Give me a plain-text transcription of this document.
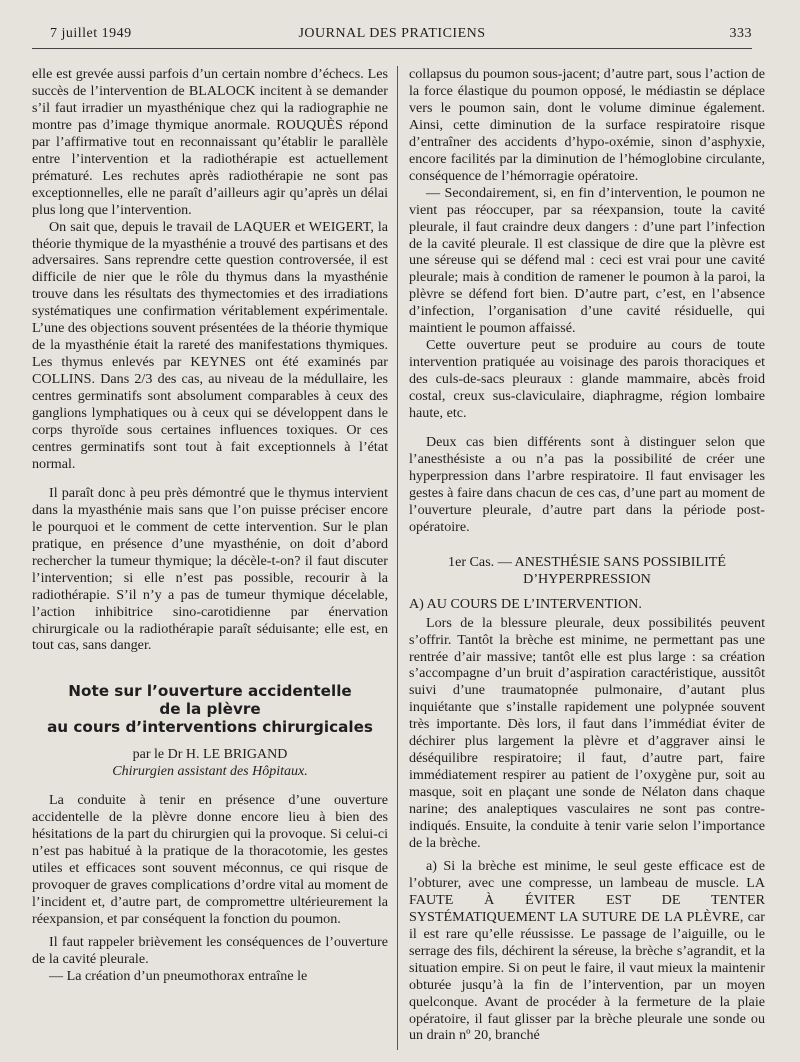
7 juillet 1949	JOURNAL DES PRATICIENS	333

elle est grevée aussi parfois d’un certain nombre d’échecs. Les succès de l’intervention de BLALOCK incitent à se demander s’il faut irradier un myasthénique chez qui la radiographie ne montre pas d’image thymique anormale. ROUQUÈS répond par l’affirmative tout en reconnaissant qu’établir le parallèle entre l’intervention et la radiothérapie est actuellement prématuré. Les rechutes après radiothérapie ne sont pas exceptionnelles, elle ne paraît d’ailleurs agir qu’après un délai plus long que l’intervention.

On sait que, depuis le travail de LAQUER et WEIGERT, la théorie thymique de la myasthénie a trouvé des partisans et des adversaires. Sans reprendre cette question controversée, il est difficile de nier que le rôle du thymus dans la myasthénie trouve dans les résultats des thymectomies et des irradiations systématiques une confirmation véritablement expérimentale. L’une des objections souvent présentées de la théorie thymique de la myasthénie était la rareté des manifestations thymiques. Les thymus enlevés par KEYNES ont été examinés par COLLINS. Dans 2/3 des cas, au niveau de la médullaire, les centres germinatifs sont absolument comparables à ceux des ganglions lymphatiques ou à ceux qui se développent dans le corps thyroïde sous certaines influences toxiques. Or ces centres germinatifs sont tout à fait exceptionnels à l’état normal.

Il paraît donc à peu près démontré que le thymus intervient dans la myasthénie mais sans que l’on puisse préciser encore le pourquoi et le comment de cette intervention. Sur le plan pratique, en présence d’une myasthénie, on doit d’abord rechercher la tumeur thymique; la décèle-t-on? il faut discuter l’intervention; si elle n’est pas possible, recourir à la radiothérapie. S’il n’y a pas de tumeur thymique décelable, l’action inhibitrice sino-carotidienne par énervation chirurgicale ou la radiothérapie paraît séduisante; elle est, en tout cas, sans danger.

Note sur l’ouverture accidentelle
de la plèvre
au cours d’interventions chirurgicales
par le Dr H. LE BRIGAND
Chirurgien assistant des Hôpitaux.

La conduite à tenir en présence d’une ouverture accidentelle de la plèvre donne encore lieu à bien des hésitations de la part du chirurgien qui la provoque. Si celui-ci n’est pas habitué à la pratique de la thoracotomie, les gestes utiles et efficaces sont souvent méconnus, ce qui risque de provoquer de graves complications d’ordre vital au moment de l’incident et, d’autre part, de compromettre ultérieurement la réexpansion, et par conséquent la fonction du poumon.

Il faut rappeler brièvement les conséquences de l’ouverture de la cavité pleurale.

— La création d’un pneumothorax entraîne le

collapsus du poumon sous-jacent; d’autre part, sous l’action de la force élastique du poumon opposé, le médiastin se déplace vers le poumon sain, dont le volume diminue également. Ainsi, cette diminution de la surface respiratoire risque d’entraîner des accidents d’hypo-oxémie, sinon d’asphyxie, encore facilités par la diminution de l’hémoglobine circulante, conséquence de l’hémorragie opératoire.

— Secondairement, si, en fin d’intervention, le poumon ne vient pas réoccuper, par sa réexpansion, toute la cavité pleurale, il faut craindre deux dangers : d’une part l’infection de la cavité pleurale. Il est classique de dire que la plèvre est une séreuse qui se défend mal : ceci est vrai pour une cavité pleurale; mais à condition de ramener le poumon à la paroi, la plèvre se défend fort bien. D’autre part, c’est, en l’absence d’infection, l’organisation d’une cavité résiduelle, qui maintient le poumon affaissé.

Cette ouverture peut se produire au cours de toute intervention pratiquée au voisinage des parois thoraciques et des culs-de-sacs pleuraux : glande mammaire, abcès froid costal, creux sus-claviculaire, diaphragme, région lombaire haute, etc.

Deux cas bien différents sont à distinguer selon que l’anesthésiste a ou n’a pas la possibilité de créer une hyperpression dans l’arbre respiratoire. Il faut envisager les gestes à faire dans chacun de ces cas, d’une part au moment de l’ouverture pleurale, d’autre part dans la période post-opératoire.

1er Cas. — ANESTHÉSIE SANS POSSIBILITÉ
D’HYPERPRESSION

A) AU COURS DE L’INTERVENTION.

Lors de la blessure pleurale, deux possibilités peuvent s’offrir. Tantôt la brèche est minime, ne permettant pas une rentrée d’air massive; tantôt elle est plus large : sa création s’accompagne d’un bruit d’aspiration caractéristique, aussitôt suivi d’une traumatopnée pulmonaire, d’autant plus inquiétante que s’installe rapidement une polypnée souvent très importante. Dès lors, il faut dans l’immédiat éviter de déchirer plus largement la plèvre et d’aggraver ainsi le déséquilibre respiratoire; il faut, d’autre part, faire immédiatement respirer au patient de l’oxygène pur, soit au masque, soit en plaçant une sonde de Nélaton dans chaque narine; des analeptiques vasculaires ne sont pas contre-indiqués. Ensuite, la conduite à tenir varie selon l’importance de la brèche.

a) Si la brèche est minime, le seul geste efficace est de l’obturer, avec une compresse, un lambeau de muscle. LA FAUTE À ÉVITER EST DE TENTER SYSTÉMATIQUEMENT LA SUTURE DE LA PLÈVRE, car il est rare qu’elle réussisse. Le passage de l’aiguille, ou le serrage des fils, déchirent la séreuse, la brèche s’agrandit, et la situation empire. Si on peut le faire, il vaut mieux la maintenir obturée jusqu’à la fin de l’intervention, par un moyen quelconque. Avant de procéder à la fermeture de la plaie opératoire, il faut glisser par la brèche pleurale une sonde ou un drain nº 20, branché
